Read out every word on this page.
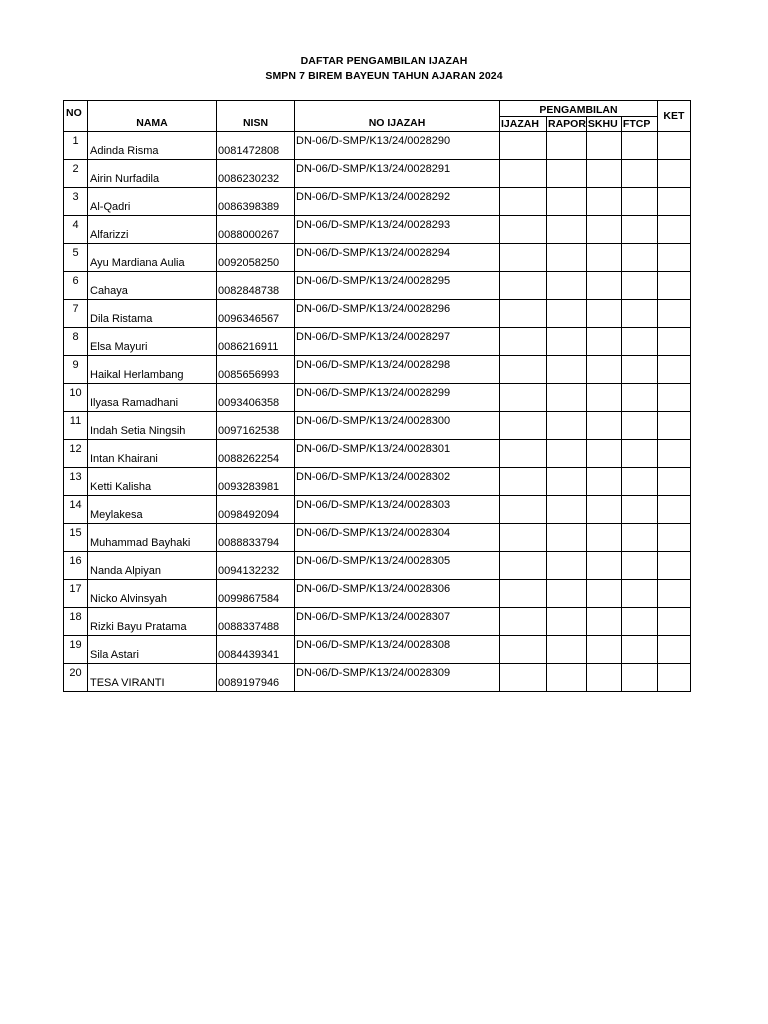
DAFTAR PENGAMBILAN IJAZAH
SMPN 7 BIREM BAYEUN TAHUN AJARAN 2024
NO	NAMA	NISN	NO IJAZAH	PENGAMBILAN				KET
				IJAZAH	RAPOR	SKHU	FTCP	
1	Adinda Risma	0081472808	DN-06/D-SMP/K13/24/0028290					
2	Airin Nurfadila	0086230232	DN-06/D-SMP/K13/24/0028291					
3	Al-Qadri	0086398389	DN-06/D-SMP/K13/24/0028292					
4	Alfarizzi	0088000267	DN-06/D-SMP/K13/24/0028293					
5	Ayu Mardiana Aulia	0092058250	DN-06/D-SMP/K13/24/0028294					
6	Cahaya	0082848738	DN-06/D-SMP/K13/24/0028295					
7	Dila Ristama	0096346567	DN-06/D-SMP/K13/24/0028296					
8	Elsa Mayuri	0086216911	DN-06/D-SMP/K13/24/0028297					
9	Haikal Herlambang	0085656993	DN-06/D-SMP/K13/24/0028298					
10	Ilyasa Ramadhani	0093406358	DN-06/D-SMP/K13/24/0028299					
11	Indah Setia Ningsih	0097162538	DN-06/D-SMP/K13/24/0028300					
12	Intan Khairani	0088262254	DN-06/D-SMP/K13/24/0028301					
13	Ketti Kalisha	0093283981	DN-06/D-SMP/K13/24/0028302					
14	Meylakesa	0098492094	DN-06/D-SMP/K13/24/0028303					
15	Muhammad Bayhaki	0088833794	DN-06/D-SMP/K13/24/0028304					
16	Nanda Alpiyan	0094132232	DN-06/D-SMP/K13/24/0028305					
17	Nicko Alvinsyah	0099867584	DN-06/D-SMP/K13/24/0028306					
18	Rizki Bayu Pratama	0088337488	DN-06/D-SMP/K13/24/0028307					
19	Sila Astari	0084439341	DN-06/D-SMP/K13/24/0028308					
20	TESA VIRANTI	0089197946	DN-06/D-SMP/K13/24/0028309					
